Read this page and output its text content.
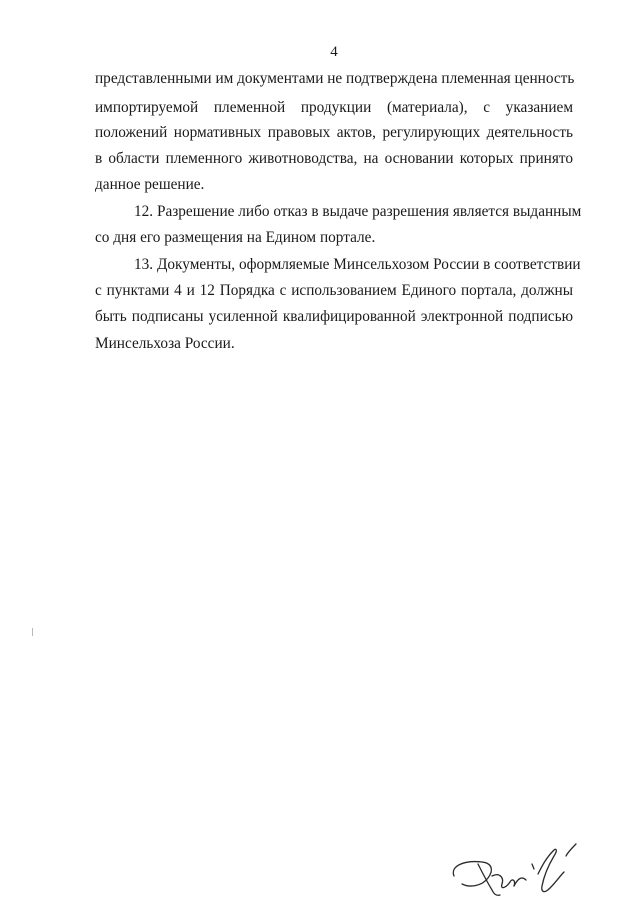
4
представленными им документами не подтверждена племенная ценность
импортируемой племенной продукции (материала), с указанием
положений нормативных правовых актов, регулирующих деятельность
в области племенного животноводства, на основании которых принято
данное решение.
12. Разрешение либо отказ в выдаче разрешения является выданным
со дня его размещения на Едином портале.
13. Документы, оформляемые Минсельхозом России в соответствии
с пунктами 4 и 12 Порядка с использованием Единого портала, должны
быть подписаны усиленной квалифицированной электронной подписью
Минсельхоза России.
